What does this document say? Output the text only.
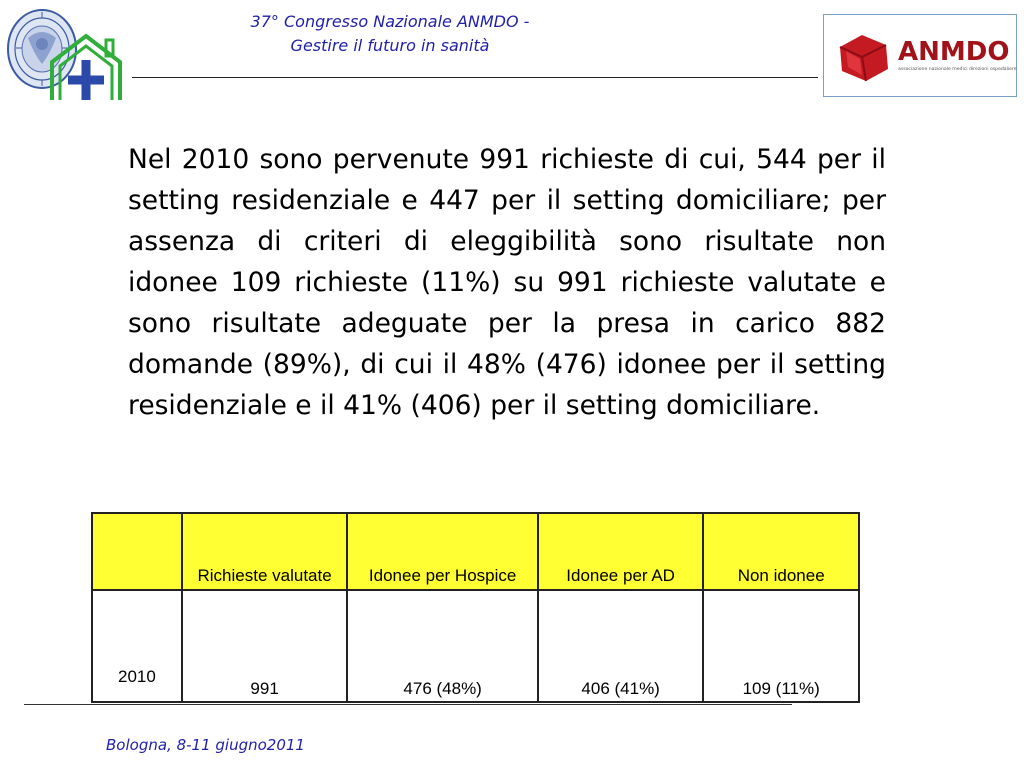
37° Congresso Nazionale ANMDO -
Gestire il futuro in sanità	ANMDO
associazione nazionale medici direzioni ospedaliere
Nel 2010 sono pervenute 991 richieste di cui, 544 per il setting residenziale e 447 per il setting domiciliare; per assenza di criteri di eleggibilità sono risultate non idonee 109 richieste (11%) su 991 richieste valutate e sono risultate adeguate per la presa in carico 882 domande (89%), di cui il 48% (476) idonee per il setting residenziale e il 41% (406) per il setting domiciliare.
	Richieste valutate	Idonee per Hospice	Idonee per AD	Non idonee
2010	991	476 (48%)	406 (41%)	109 (11%)
Bologna, 8-11 giugno2011
